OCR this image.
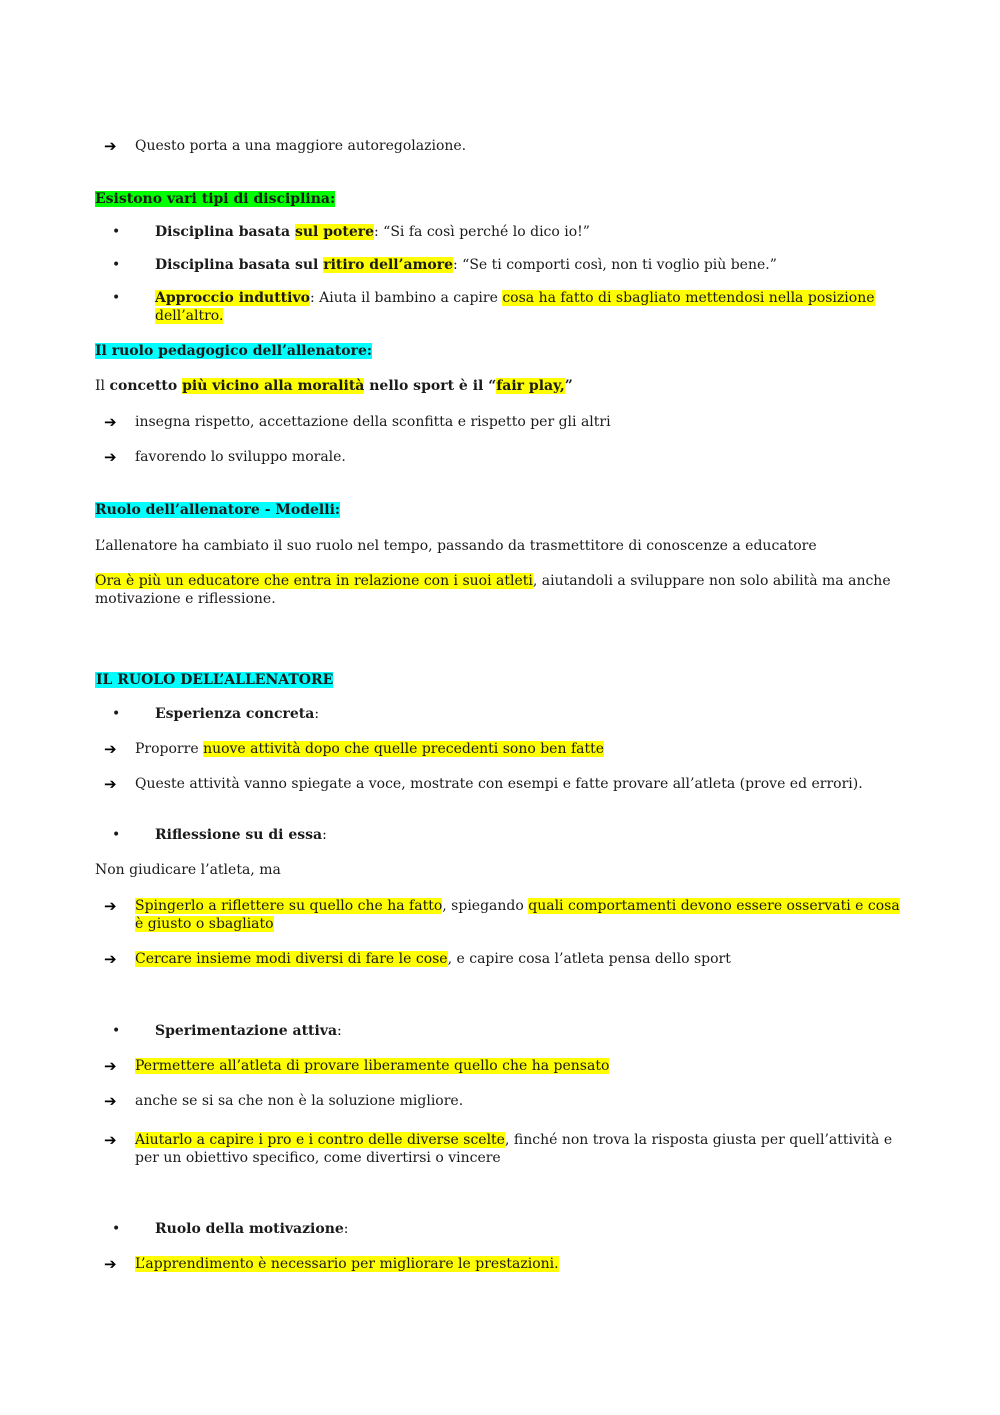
➔ Questo porta a una maggiore autoregolazione.
Esistono vari tipi di disciplina:
• Disciplina basata sul potere: “Si fa così perché lo dico io!”
• Disciplina basata sul ritiro dell’amore: “Se ti comporti così, non ti voglio più bene.”
• Approccio induttivo: Aiuta il bambino a capire cosa ha fatto di sbagliato mettendosi nella posizione dell’altro.
Il ruolo pedagogico dell’allenatore:
Il concetto più vicino alla moralità nello sport è il “fair play,”
➔ insegna rispetto, accettazione della sconfitta e rispetto per gli altri
➔ favorendo lo sviluppo morale.
Ruolo dell’allenatore - Modelli:
L’allenatore ha cambiato il suo ruolo nel tempo, passando da trasmettitore di conoscenze a educatore
Ora è più un educatore che entra in relazione con i suoi atleti, aiutandoli a sviluppare non solo abilità ma anche motivazione e riflessione.
IL RUOLO DELL’ALLENATORE
• Esperienza concreta:
➔ Proporre nuove attività dopo che quelle precedenti sono ben fatte
➔ Queste attività vanno spiegate a voce, mostrate con esempi e fatte provare all’atleta (prove ed errori).
• Riflessione su di essa:
Non giudicare l’atleta, ma
➔ Spingerlo a riflettere su quello che ha fatto, spiegando quali comportamenti devono essere osservati e cosa è giusto o sbagliato
➔ Cercare insieme modi diversi di fare le cose, e capire cosa l’atleta pensa dello sport
• Sperimentazione attiva:
➔ Permettere all’atleta di provare liberamente quello che ha pensato
➔ anche se si sa che non è la soluzione migliore.
➔ Aiutarlo a capire i pro e i contro delle diverse scelte, finché non trova la risposta giusta per quell’attività e per un obiettivo specifico, come divertirsi o vincere
• Ruolo della motivazione:
➔ L’apprendimento è necessario per migliorare le prestazioni.
